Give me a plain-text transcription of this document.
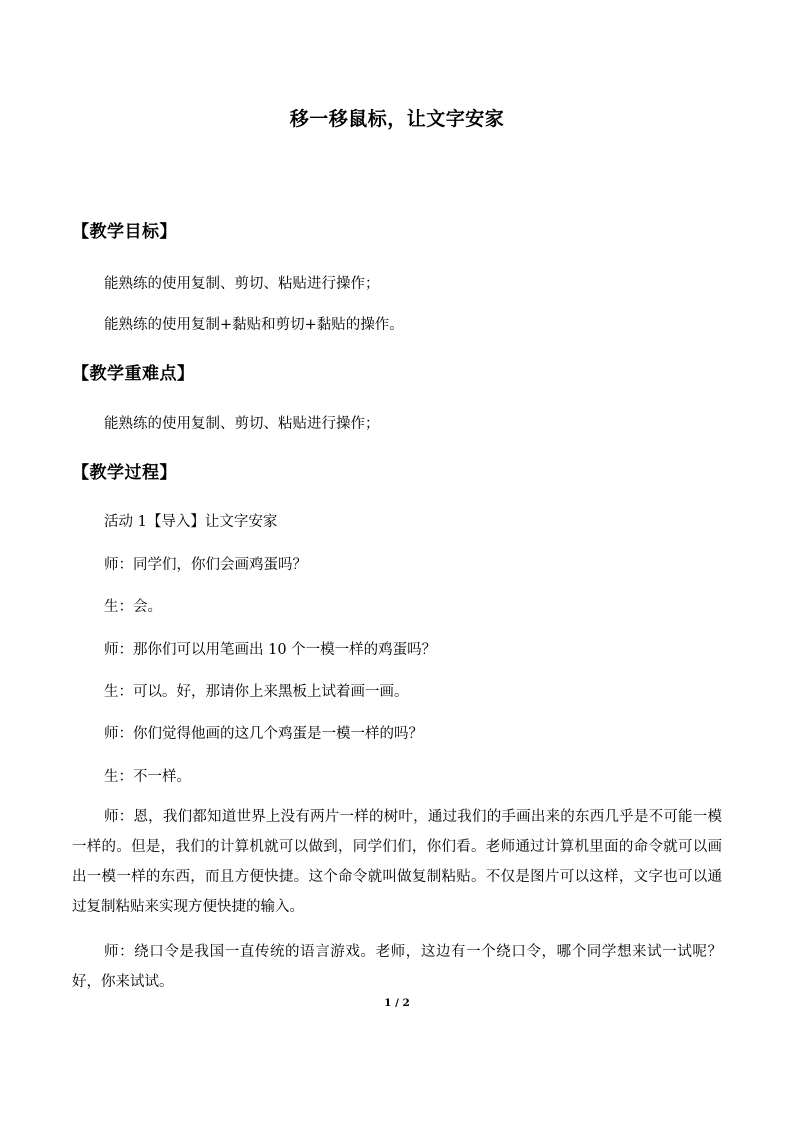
移一移鼠标，让文字安家
【教学目标】
能熟练的使用复制、剪切、粘贴进行操作；
能熟练的使用复制+黏贴和剪切+黏贴的操作。
【教学重难点】
能熟练的使用复制、剪切、粘贴进行操作；
【教学过程】
活动 1【导入】让文字安家
师：同学们，你们会画鸡蛋吗？
生：会。
师：那你们可以用笔画出 10 个一模一样的鸡蛋吗？
生：可以。好，那请你上来黑板上试着画一画。
师：你们觉得他画的这几个鸡蛋是一模一样的吗？
生：不一样。
师：恩，我们都知道世界上没有两片一样的树叶，通过我们的手画出来的东西几乎是不可能一模一样的。但是，我们的计算机就可以做到，同学们们，你们看。老师通过计算机里面的命令就可以画出一模一样的东西，而且方便快捷。这个命令就叫做复制粘贴。不仅是图片可以这样，文字也可以通过复制粘贴来实现方便快捷的输入。
师：绕口令是我国一直传统的语言游戏。老师，这边有一个绕口令，哪个同学想来试一试呢？好，你来试试。
1 / 2
